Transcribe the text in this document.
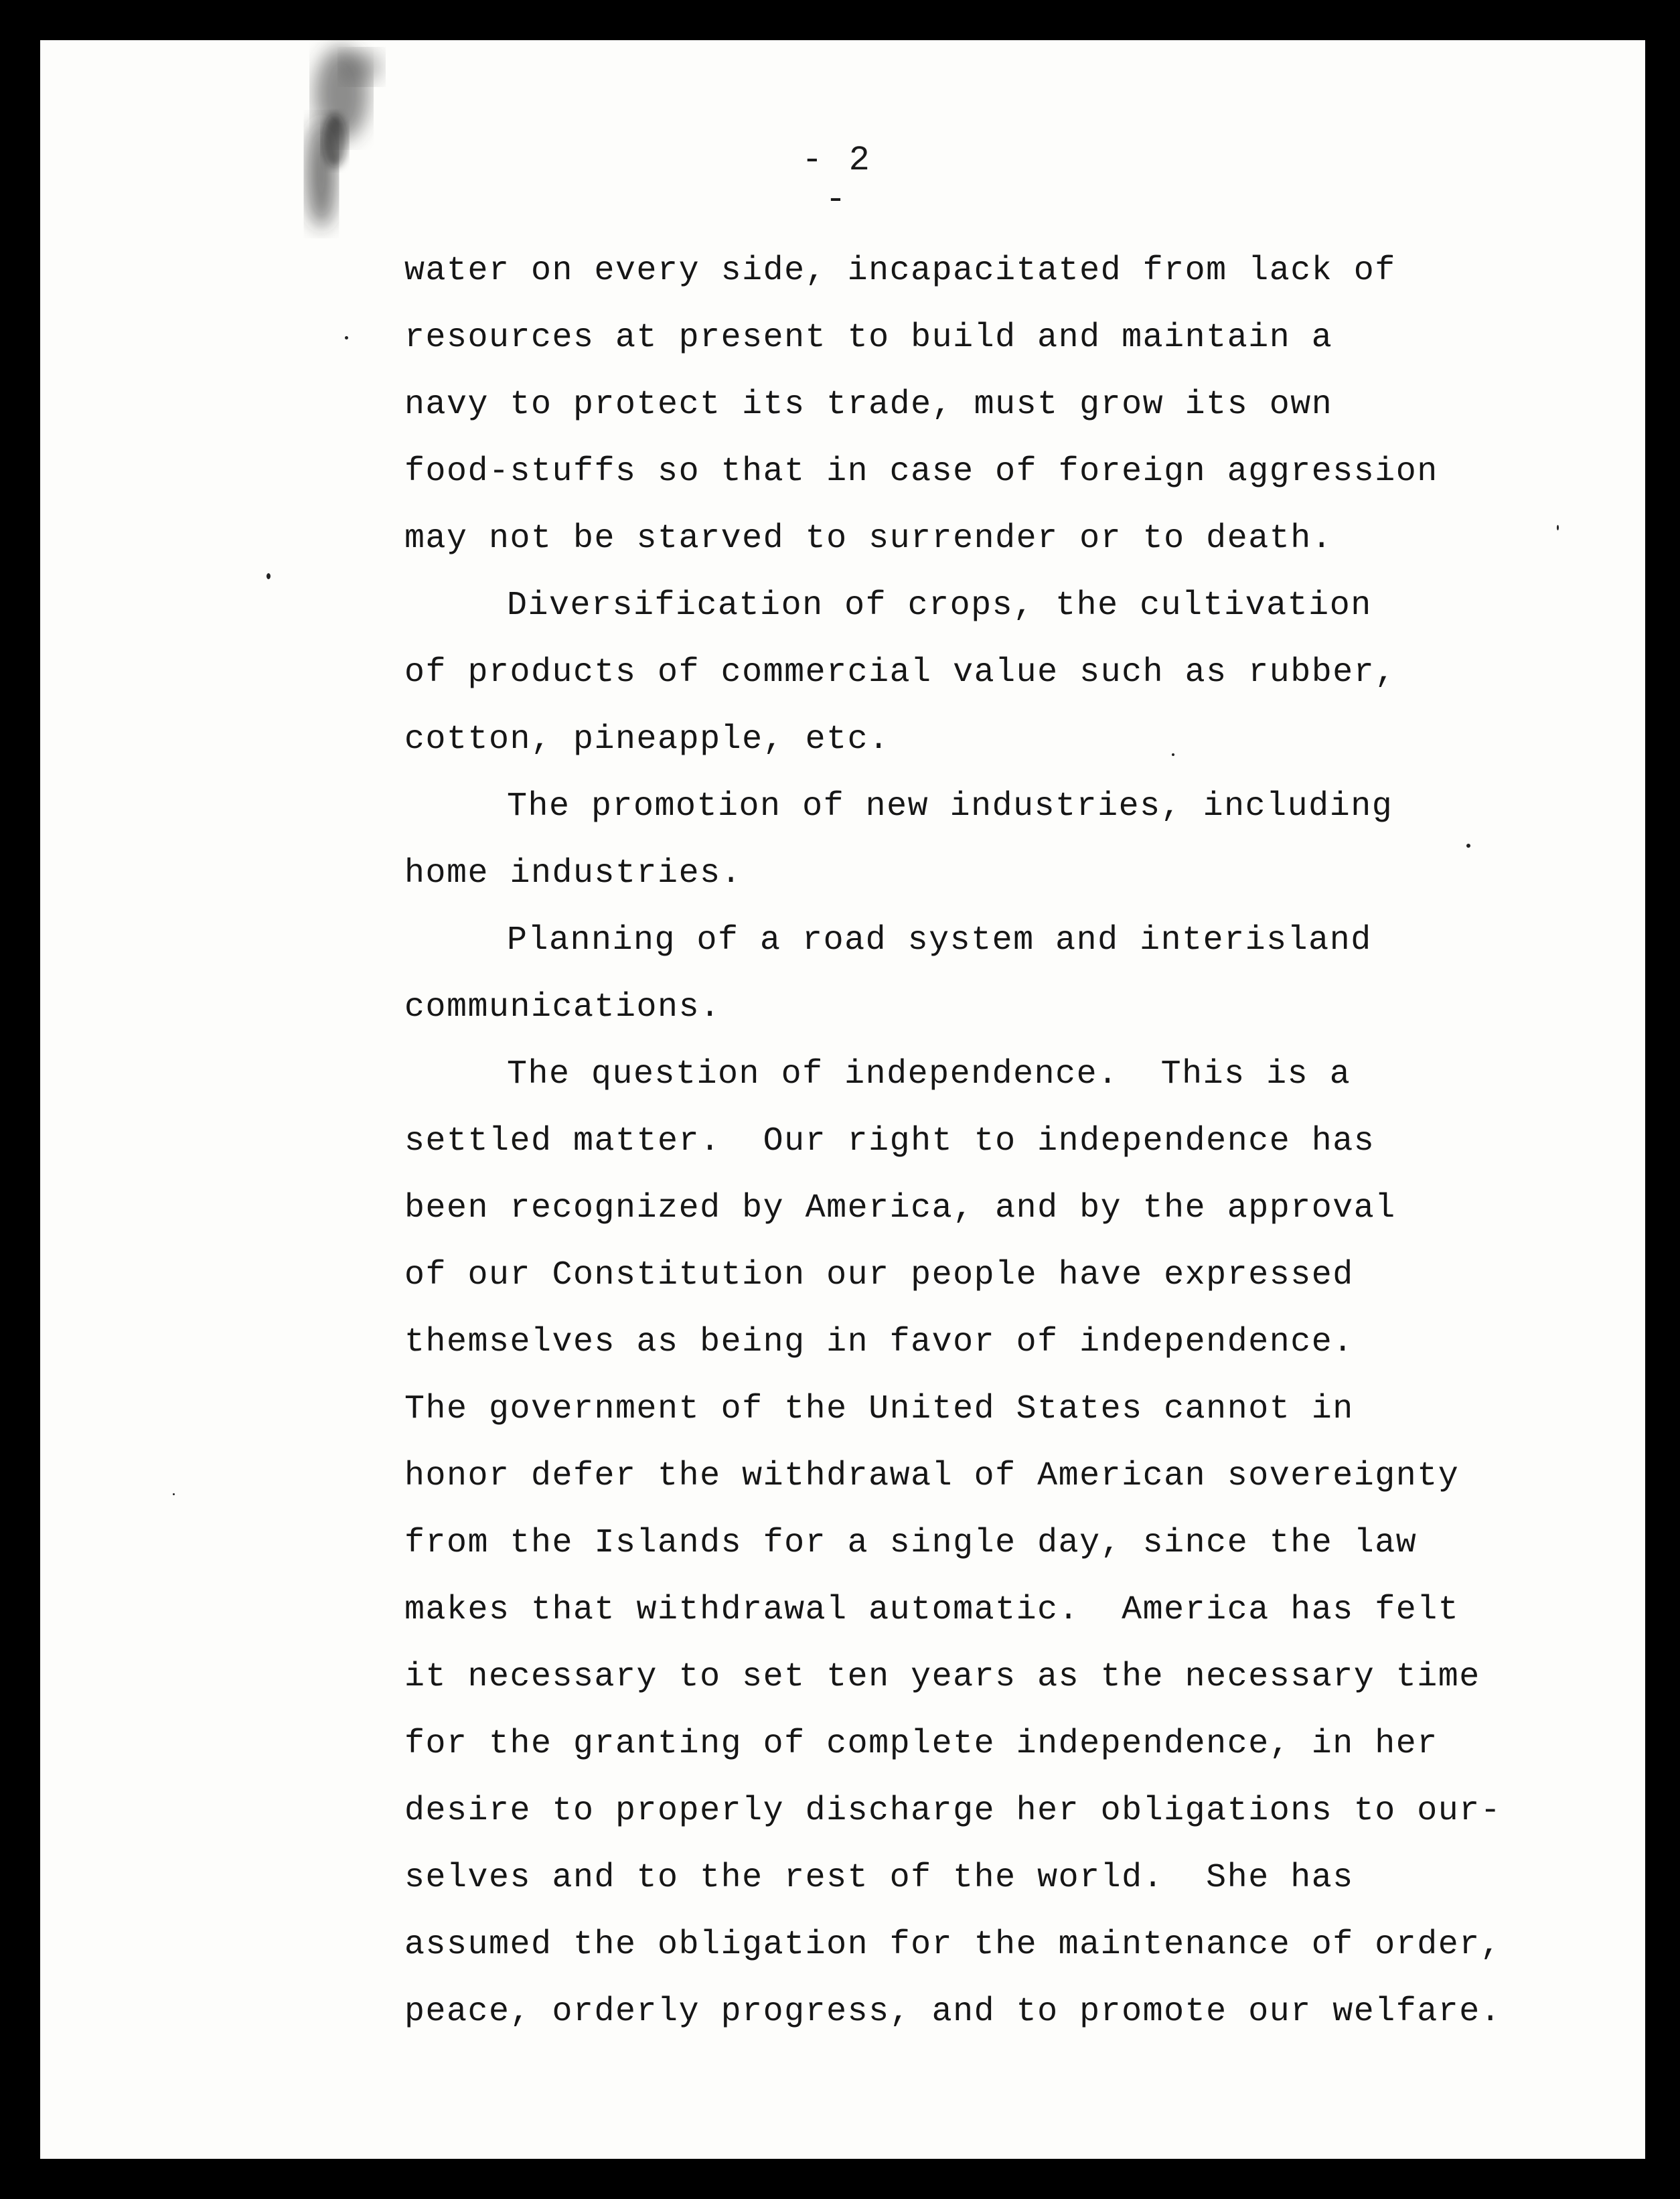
- 2 -
water on every side, incapacitated from lack of
resources at present to build and maintain a
navy to protect its trade, must grow its own
food-stuffs so that in case of foreign aggression
may not be starved to surrender or to death.
Diversification of crops, the cultivation
of products of commercial value such as rubber,
cotton, pineapple, etc.
The promotion of new industries, including
home industries.
Planning of a road system and interisland
communications.
The question of independence.  This is a
settled matter.  Our right to independence has
been recognized by America, and by the approval
of our Constitution our people have expressed
themselves as being in favor of independence.
The government of the United States cannot in
honor defer the withdrawal of American sovereignty
from the Islands for a single day, since the law
makes that withdrawal automatic.  America has felt
it necessary to set ten years as the necessary time
for the granting of complete independence, in her
desire to properly discharge her obligations to our-
selves and to the rest of the world.  She has
assumed the obligation for the maintenance of order,
peace, orderly progress, and to promote our welfare.
